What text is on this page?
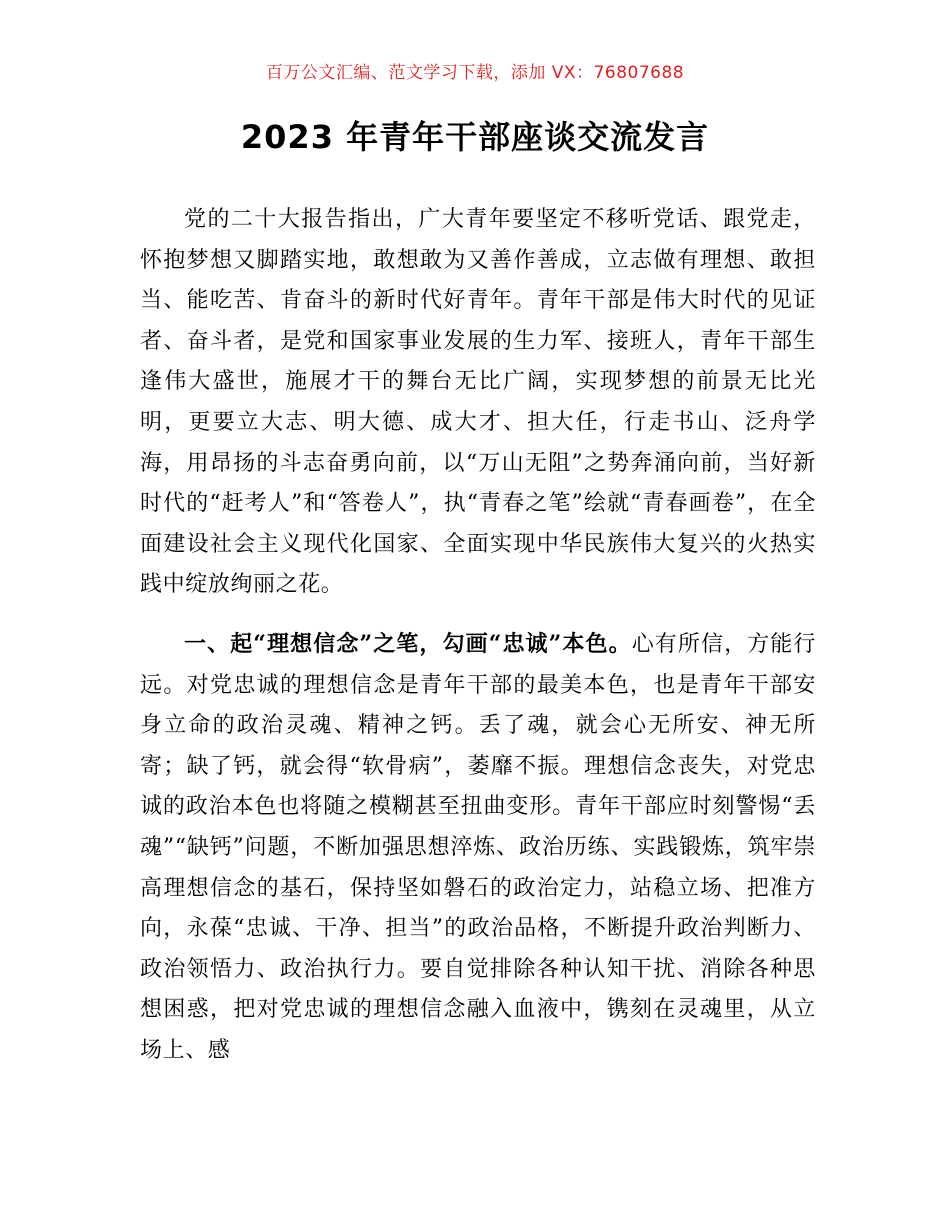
百万公文汇编、范文学习下载，添加 VX：76807688
2023 年青年干部座谈交流发言

党的二十大报告指出，广大青年要坚定不移听党话、跟党走，怀抱梦想又脚踏实地，敢想敢为又善作善成，立志做有理想、敢担当、能吃苦、肯奋斗的新时代好青年。青年干部是伟大时代的见证者、奋斗者，是党和国家事业发展的生力军、接班人，青年干部生逢伟大盛世，施展才干的舞台无比广阔，实现梦想的前景无比光明，更要立大志、明大德、成大才、担大任，行走书山、泛舟学海，用昂扬的斗志奋勇向前，以“万山无阻”之势奔涌向前，当好新时代的“赶考人”和“答卷人”，执“青春之笔”绘就“青春画卷”，在全面建设社会主义现代化国家、全面实现中华民族伟大复兴的火热实践中绽放绚丽之花。

一、起“理想信念”之笔，勾画“忠诚”本色。心有所信，方能行远。对党忠诚的理想信念是青年干部的最美本色，也是青年干部安身立命的政治灵魂、精神之钙。丢了魂，就会心无所安、神无所寄；缺了钙，就会得“软骨病”，萎靡不振。理想信念丧失，对党忠诚的政治本色也将随之模糊甚至扭曲变形。青年干部应时刻警惕“丢魂”“缺钙”问题，不断加强思想淬炼、政治历练、实践锻炼，筑牢崇高理想信念的基石，保持坚如磐石的政治定力，站稳立场、把准方向，永葆“忠诚、干净、担当”的政治品格，不断提升政治判断力、政治领悟力、政治执行力。要自觉排除各种认知干扰、消除各种思想困惑，把对党忠诚的理想信念融入血液中，镌刻在灵魂里，从立场上、感
